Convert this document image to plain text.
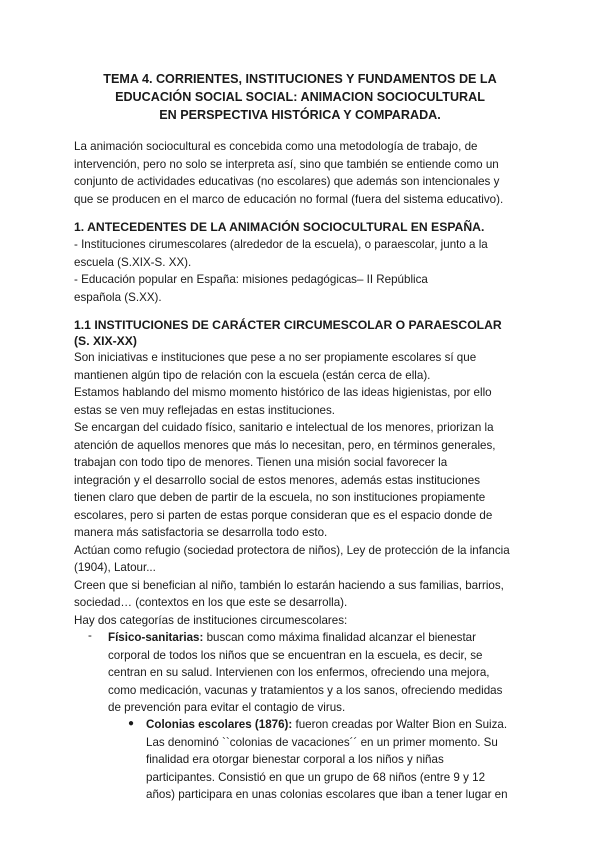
TEMA 4. CORRIENTES, INSTITUCIONES Y FUNDAMENTOS DE LA
EDUCACIÓN SOCIAL SOCIAL: ANIMACION SOCIOCULTURAL
EN PERSPECTIVA HISTÓRICA Y COMPARADA.
La animación sociocultural es concebida como una metodología de trabajo, de
intervención, pero no solo se interpreta así, sino que también se entiende como un
conjunto de actividades educativas (no escolares) que además son intencionales y
que se producen en el marco de educación no formal (fuera del sistema educativo).
1. ANTECEDENTES DE LA ANIMACIÓN SOCIOCULTURAL EN ESPAÑA.
- Instituciones cirumescolares (alrededor de la escuela), o paraescolar, junto a la
escuela (S.XIX-S. XX).
- Educación popular en España: misiones pedagógicas– II República
española (S.XX).
1.1 INSTITUCIONES DE CARÁCTER CIRCUMESCOLAR O PARAESCOLAR
(S. XIX-XX)
Son iniciativas e instituciones que pese a no ser propiamente escolares sí que
mantienen algún tipo de relación con la escuela (están cerca de ella).
Estamos hablando del mismo momento histórico de las ideas higienistas, por ello
estas se ven muy reflejadas en estas instituciones.
Se encargan del cuidado físico, sanitario e intelectual de los menores, priorizan la
atención de aquellos menores que más lo necesitan, pero, en términos generales,
trabajan con todo tipo de menores. Tienen una misión social favorecer la
integración y el desarrollo social de estos menores, además estas instituciones
tienen claro que deben de partir de la escuela, no son instituciones propiamente
escolares, pero si parten de estas porque consideran que es el espacio donde de
manera más satisfactoria se desarrolla todo esto.
Actúan como refugio (sociedad protectora de niños), Ley de protección de la infancia
(1904), Latour...
Creen que si benefician al niño, también lo estarán haciendo a sus familias, barrios,
sociedad… (contextos en los que este se desarrolla).
Hay dos categorías de instituciones circumescolares:
- Físico-sanitarias: buscan como máxima finalidad alcanzar el bienestar
corporal de todos los niños que se encuentran en la escuela, es decir, se
centran en su salud. Intervienen con los enfermos, ofreciendo una mejora,
como medicación, vacunas y tratamientos y a los sanos, ofreciendo medidas
de prevención para evitar el contagio de virus.
● Colonias escolares (1876): fueron creadas por Walter Bion en Suiza.
Las denominó ``colonias de vacaciones´´ en un primer momento. Su
finalidad era otorgar bienestar corporal a los niños y niñas
participantes. Consistió en que un grupo de 68 niños (entre 9 y 12
años) participara en unas colonias escolares que iban a tener lugar en
